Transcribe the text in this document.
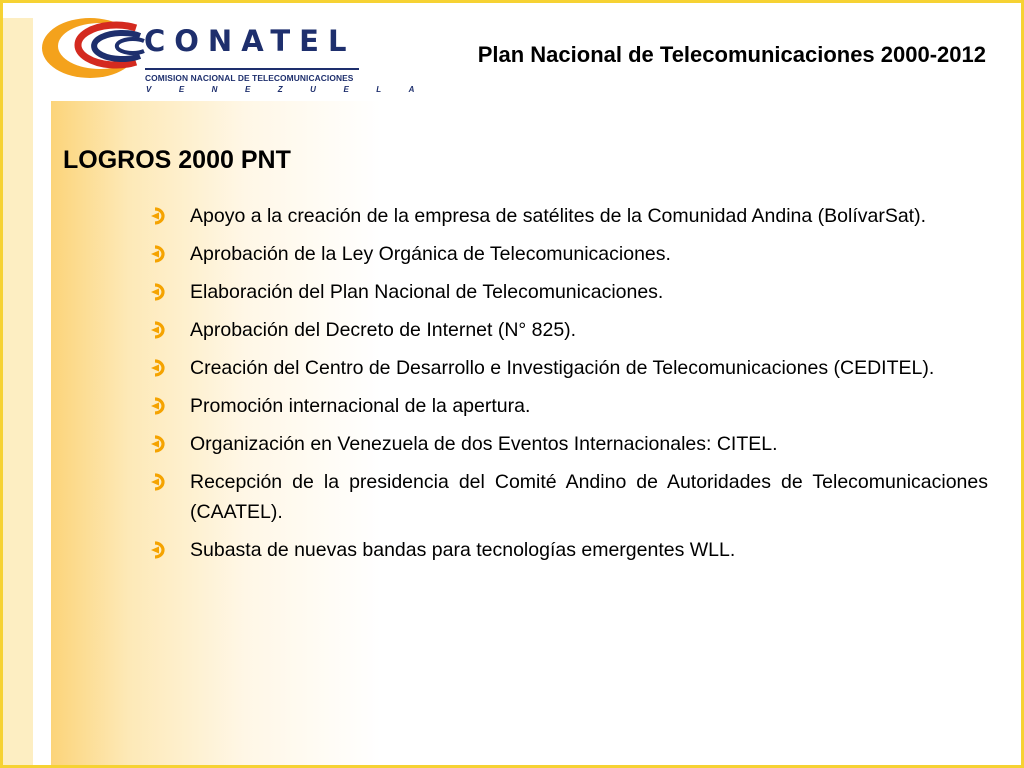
CONATEL
COMISION NACIONAL DE TELECOMUNICACIONES
VENEZUELA
Plan Nacional de Telecomunicaciones 2000-2012
LOGROS 2000 PNT
Apoyo a la creación de la empresa de satélites de la Comunidad Andina (BolívarSat).
Aprobación de la Ley Orgánica de Telecomunicaciones.
Elaboración del Plan Nacional de Telecomunicaciones.
Aprobación del Decreto de Internet (N° 825).
Creación del Centro de Desarrollo e Investigación de Telecomunicaciones (CEDITEL).
Promoción internacional de la apertura.
Organización en Venezuela de dos Eventos Internacionales: CITEL.
Recepción de la presidencia del Comité Andino de Autoridades de Telecomunicaciones (CAATEL).
Subasta de nuevas bandas para tecnologías emergentes WLL.
